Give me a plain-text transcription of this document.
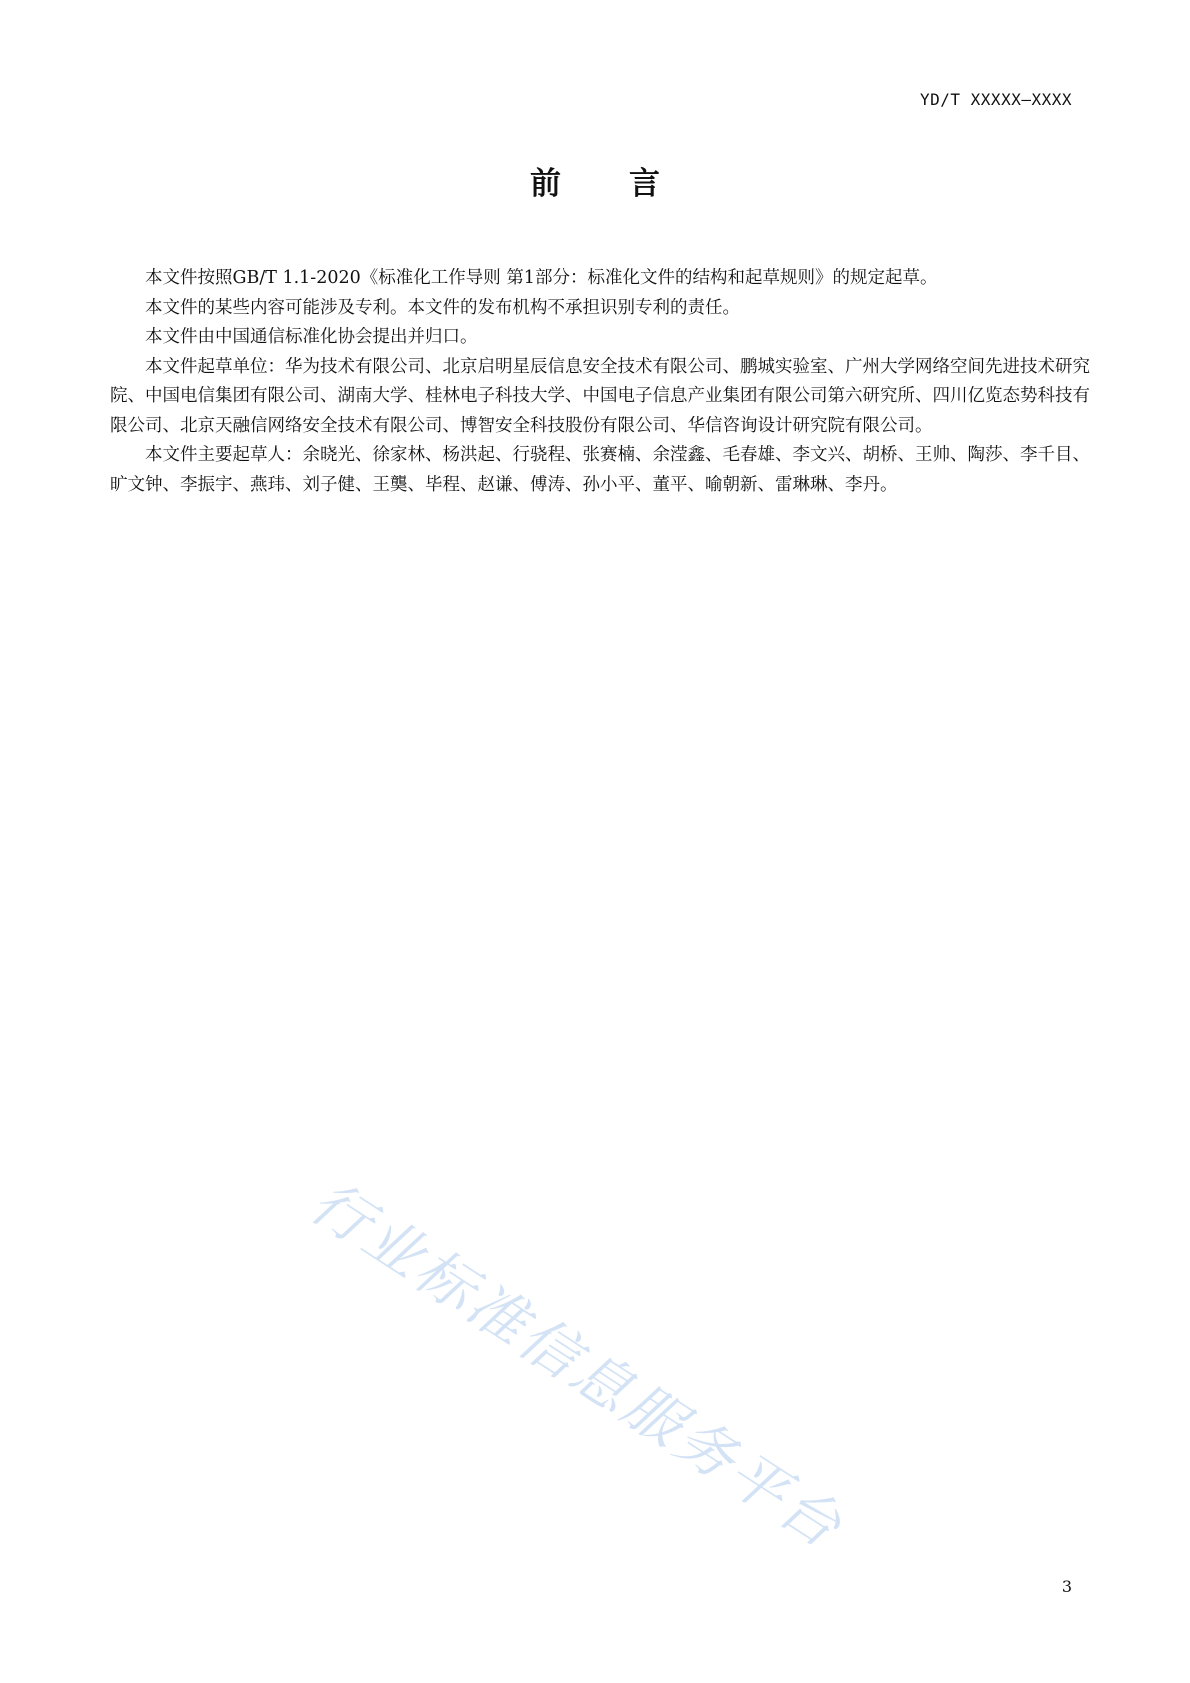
YD/T XXXXX—XXXX
前言

本文件按照GB/T 1.1-2020《标准化工作导则 第1部分：标准化文件的结构和起草规则》的规定起草。

本文件的某些内容可能涉及专利。本文件的发布机构不承担识别专利的责任。

本文件由中国通信标准化协会提出并归口。

本文件起草单位：华为技术有限公司、北京启明星辰信息安全技术有限公司、鹏城实验室、广州大学网络空间先进技术研究院、中国电信集团有限公司、湖南大学、桂林电子科技大学、中国电子信息产业集团有限公司第六研究所、四川亿览态势科技有限公司、北京天融信网络安全技术有限公司、博智安全科技股份有限公司、华信咨询设计研究院有限公司。

本文件主要起草人：余晓光、徐家林、杨洪起、行骁程、张赛楠、余滢鑫、毛春雄、李文兴、胡桥、王帅、陶莎、李千目、旷文钟、李振宇、燕玮、刘子健、王龑、毕程、赵谦、傅涛、孙小平、董平、喻朝新、雷琳琳、李丹。

行业标准信息服务平台
3
